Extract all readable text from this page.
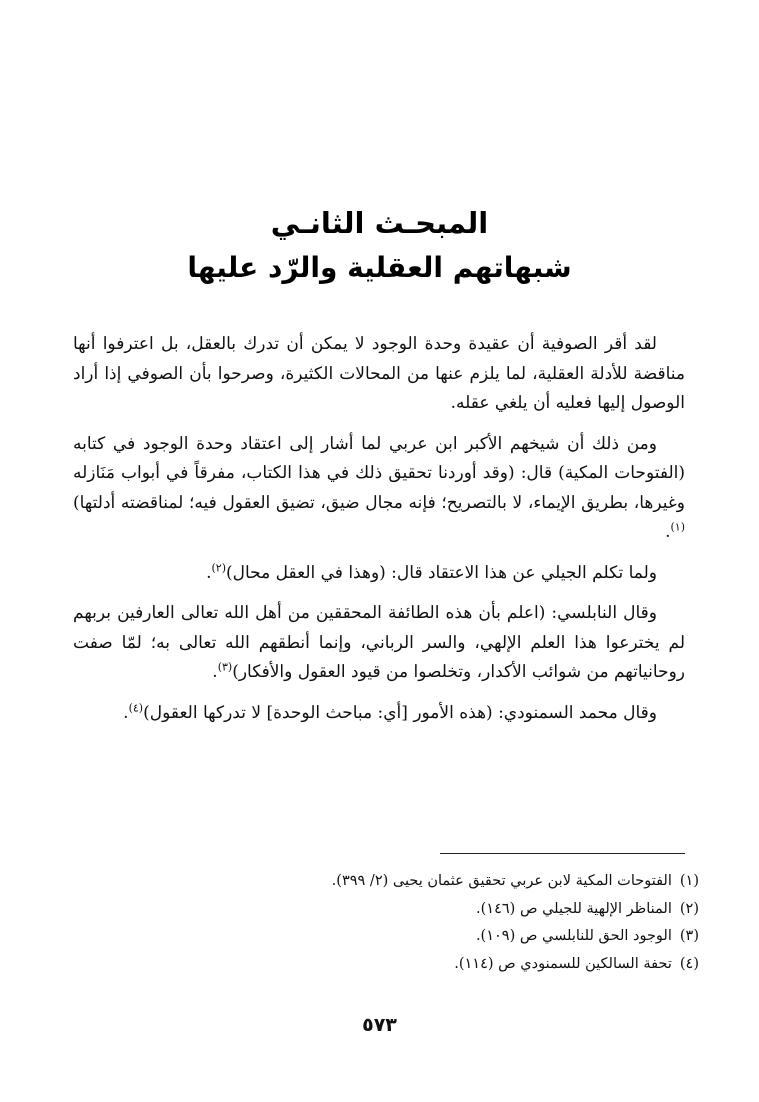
المبحـث الثانـي
شبهاتهم العقلية والرّد عليها

لقد أقر الصوفية أن عقيدة وحدة الوجود لا يمكن أن تدرك بالعقل، بل اعترفوا أنها مناقضة للأدلة العقلية، لما يلزم عنها من المحالات الكثيرة، وصرحوا بأن الصوفي إذا أراد الوصول إليها فعليه أن يلغي عقله.

ومن ذلك أن شيخهم الأكبر ابن عربي لما أشار إلى اعتقاد وحدة الوجود في كتابه (الفتوحات المكية) قال: (وقد أوردنا تحقيق ذلك في هذا الكتاب، مفرقاً في أبواب مَنَازله وغيرها، بطريق الإيماء، لا بالتصريح؛ فإنه مجال ضيق، تضيق العقول فيه؛ لمناقضته أدلتها)$^{(١)}$.

ولما تكلم الجيلي عن هذا الاعتقاد قال: (وهذا في العقل محال)$^{(٢)}$.

وقال النابلسي: (اعلم بأن هذه الطائفة المحققين من أهل الله تعالى العارفين بربهم لم يخترعوا هذا العلم الإلهي، والسر الرباني، وإنما أنطقهم الله تعالى به؛ لمّا صفت روحانياتهم من شوائب الأكدار، وتخلصوا من قيود العقول والأفكار)$^{(٣)}$.

وقال محمد السمنودي: (هذه الأمور [أي: مباحث الوحدة] لا تدركها العقول)$^{(٤)}$.

(١)الفتوحات المكية لابن عربي تحقيق عثمان يحيى (٢/ ٣٩٩).
(٢)المناظر الإلهية للجيلي ص (١٤٦).
(٣)الوجود الحق للنابلسي ص (١٠٩).
(٤)تحفة السالكين للسمنودي ص (١١٤).
٥٧٣
